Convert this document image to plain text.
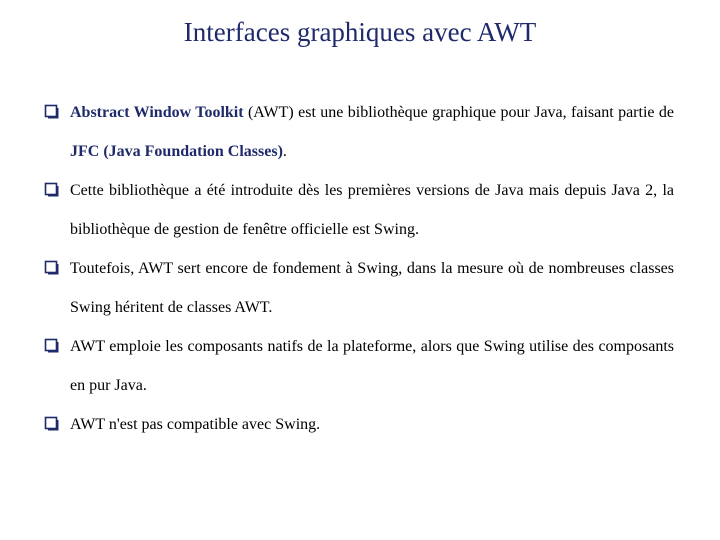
Interfaces graphiques avec AWT
Abstract Window Toolkit (AWT) est une bibliothèque graphique pour Java, faisant partie de JFC (Java Foundation Classes).
Cette bibliothèque a été introduite dès les premières versions de Java mais depuis Java 2, la bibliothèque de gestion de fenêtre officielle est Swing.
Toutefois, AWT sert encore de fondement à Swing, dans la mesure où de nombreuses classes Swing héritent de classes AWT.
AWT emploie les composants natifs de la plateforme, alors que Swing utilise des composants en pur Java.
AWT n'est pas compatible avec Swing.
